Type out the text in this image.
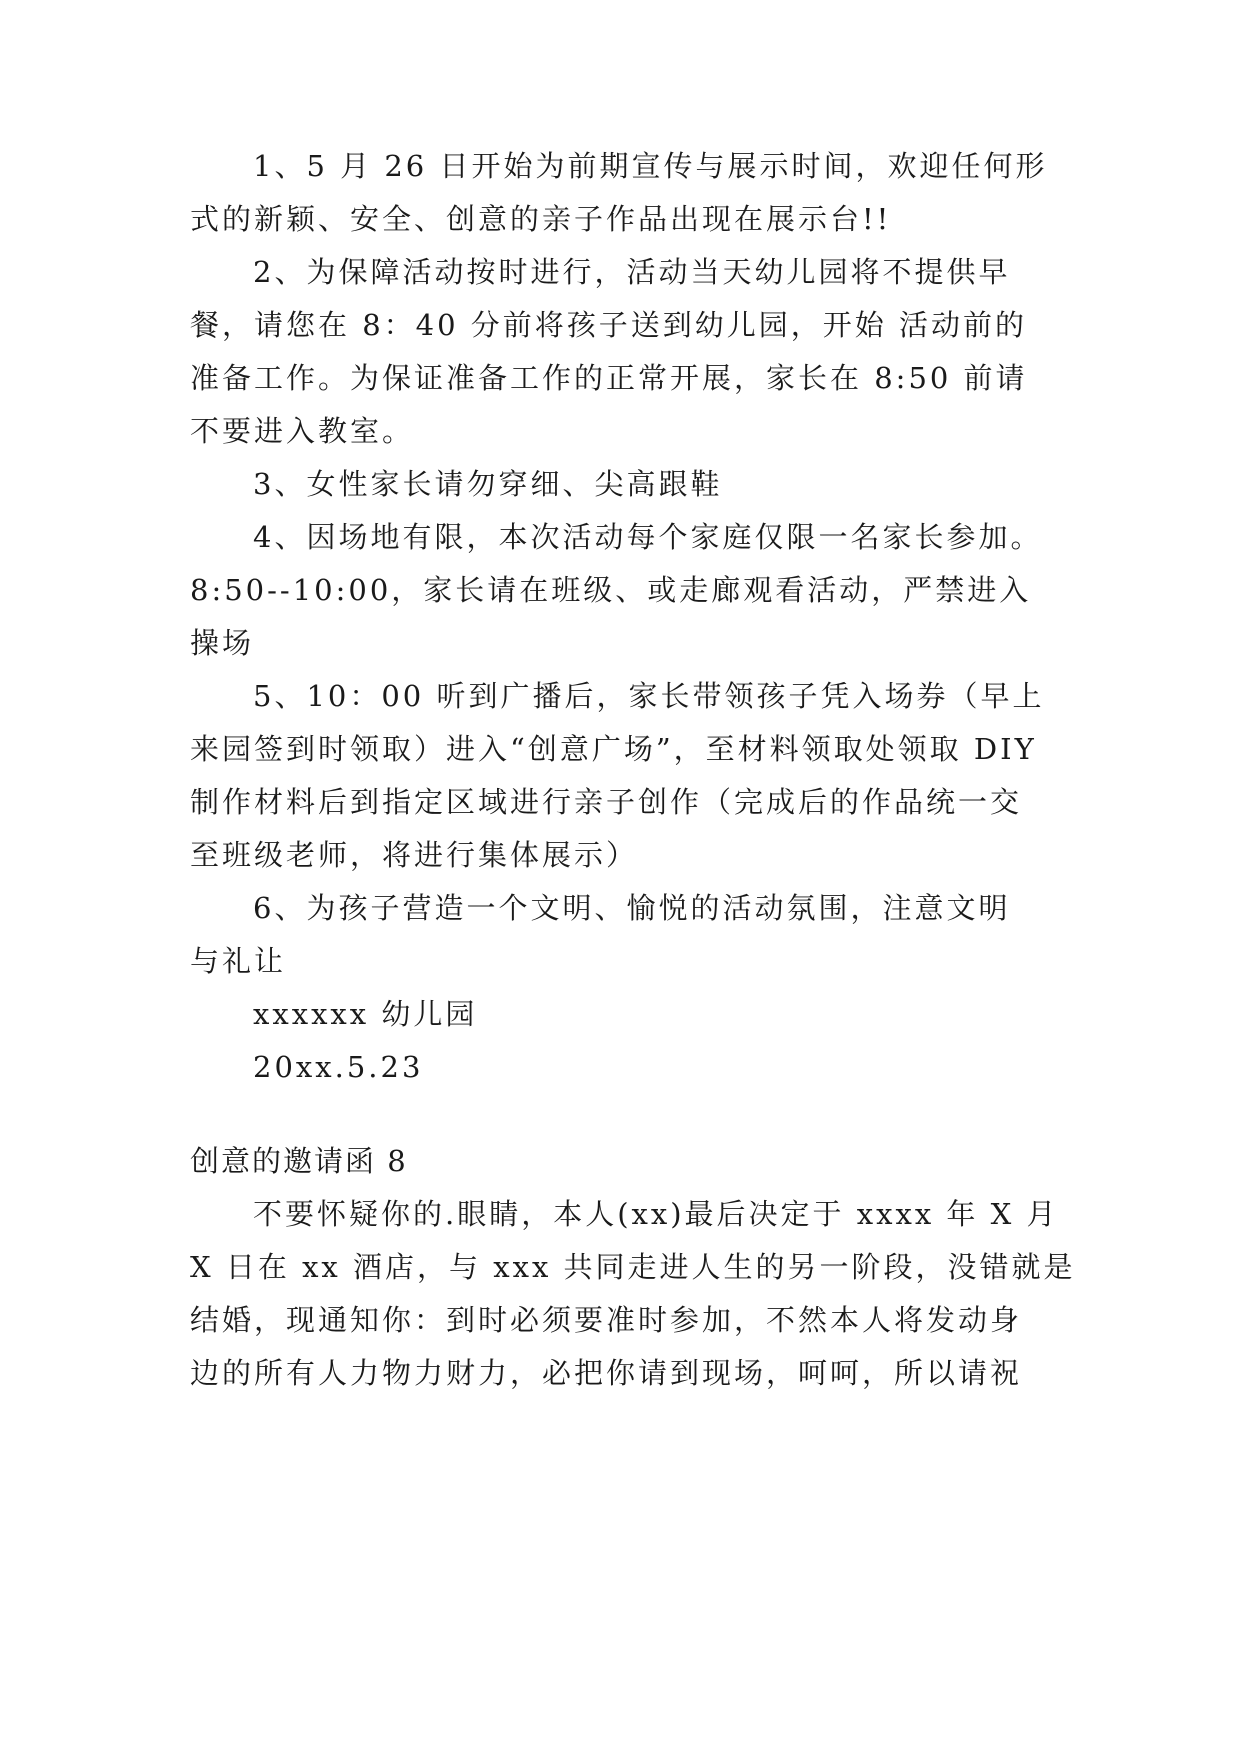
1、5 月 26 日开始为前期宣传与展示时间，欢迎任何形
式的新颖、安全、创意的亲子作品出现在展示台!!
2、为保障活动按时进行，活动当天幼儿园将不提供早
餐，请您在 8：40 分前将孩子送到幼儿园，开始 活动前的
准备工作。为保证准备工作的正常开展，家长在 8:50 前请
不要进入教室。
3、女性家长请勿穿细、尖高跟鞋
4、因场地有限，本次活动每个家庭仅限一名家长参加。
8:50--10:00，家长请在班级、或走廊观看活动，严禁进入
操场
5、10：00 听到广播后，家长带领孩子凭入场券（早上
来园签到时领取）进入“创意广场”，至材料领取处领取 DIY
制作材料后到指定区域进行亲子创作（完成后的作品统一交
至班级老师，将进行集体展示）
6、为孩子营造一个文明、愉悦的活动氛围，注意文明
与礼让
xxxxxx 幼儿园
20xx.5.23
创意的邀请函 8
不要怀疑你的.眼睛，本人(xx)最后决定于 xxxx 年 X 月
X 日在 xx 酒店，与 xxx 共同走进人生的另一阶段，没错就是
结婚，现通知你：到时必须要准时参加，不然本人将发动身
边的所有人力物力财力，必把你请到现场，呵呵，所以请祝
